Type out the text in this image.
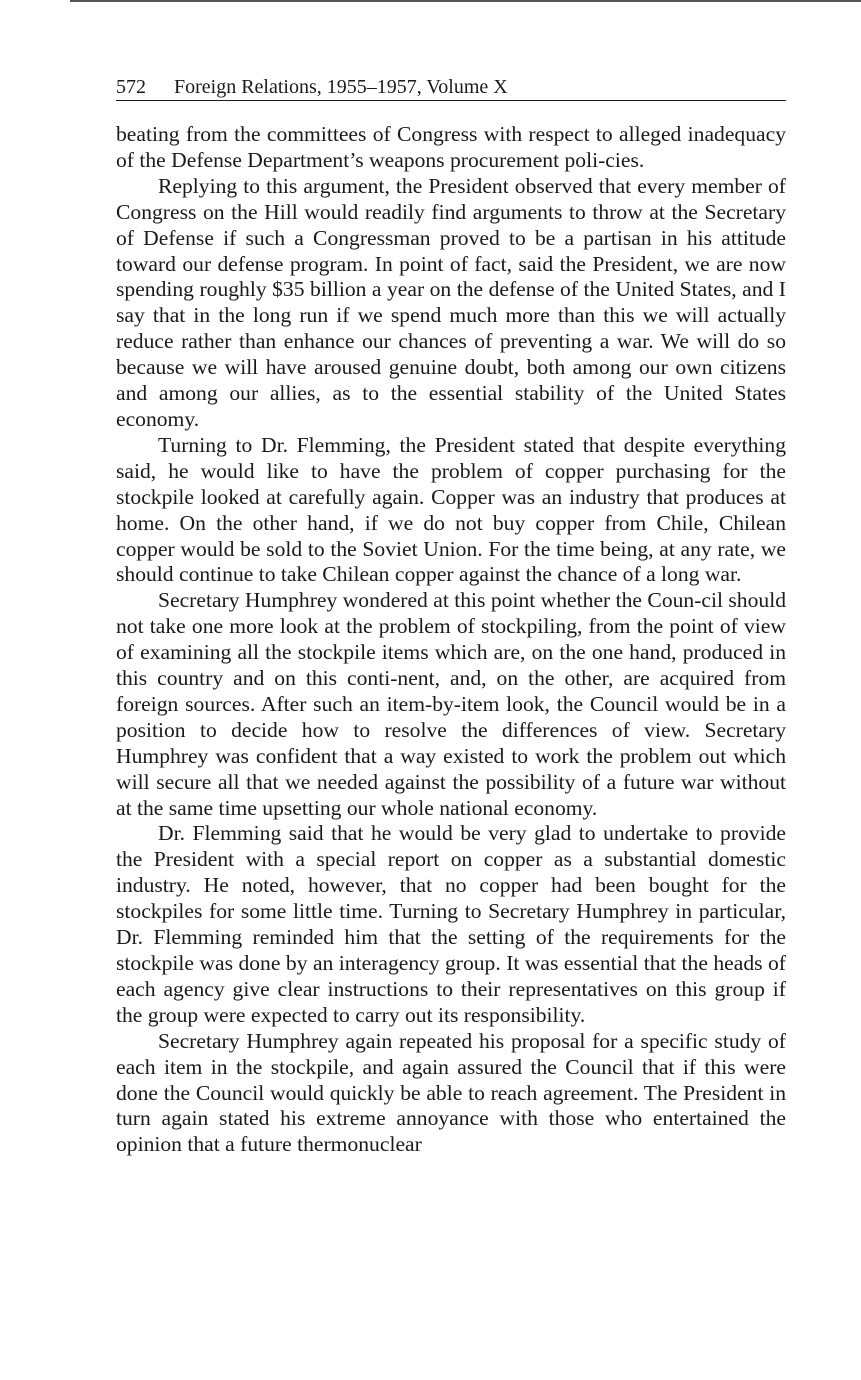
572 Foreign Relations, 1955–1957, Volume X

beating from the committees of Congress with respect to alleged inadequacy of the Defense Department’s weapons procurement poli-cies.

Replying to this argument, the President observed that every member of Congress on the Hill would readily find arguments to throw at the Secretary of Defense if such a Congressman proved to be a partisan in his attitude toward our defense program. In point of fact, said the President, we are now spending roughly $35 billion a year on the defense of the United States, and I say that in the long run if we spend much more than this we will actually reduce rather than enhance our chances of preventing a war. We will do so because we will have aroused genuine doubt, both among our own citizens and among our allies, as to the essential stability of the United States economy.

Turning to Dr. Flemming, the President stated that despite everything said, he would like to have the problem of copper purchasing for the stockpile looked at carefully again. Copper was an industry that produces at home. On the other hand, if we do not buy copper from Chile, Chilean copper would be sold to the Soviet Union. For the time being, at any rate, we should continue to take Chilean copper against the chance of a long war.

Secretary Humphrey wondered at this point whether the Coun-cil should not take one more look at the problem of stockpiling, from the point of view of examining all the stockpile items which are, on the one hand, produced in this country and on this conti-nent, and, on the other, are acquired from foreign sources. After such an item-by-item look, the Council would be in a position to decide how to resolve the differences of view. Secretary Humphrey was confident that a way existed to work the problem out which will secure all that we needed against the possibility of a future war without at the same time upsetting our whole national economy.

Dr. Flemming said that he would be very glad to undertake to provide the President with a special report on copper as a substantial domestic industry. He noted, however, that no copper had been bought for the stockpiles for some little time. Turning to Secretary Humphrey in particular, Dr. Flemming reminded him that the setting of the requirements for the stockpile was done by an interagency group. It was essential that the heads of each agency give clear instructions to their representatives on this group if the group were expected to carry out its responsibility.

Secretary Humphrey again repeated his proposal for a specific study of each item in the stockpile, and again assured the Council that if this were done the Council would quickly be able to reach agreement. The President in turn again stated his extreme annoyance with those who entertained the opinion that a future thermonuclear
